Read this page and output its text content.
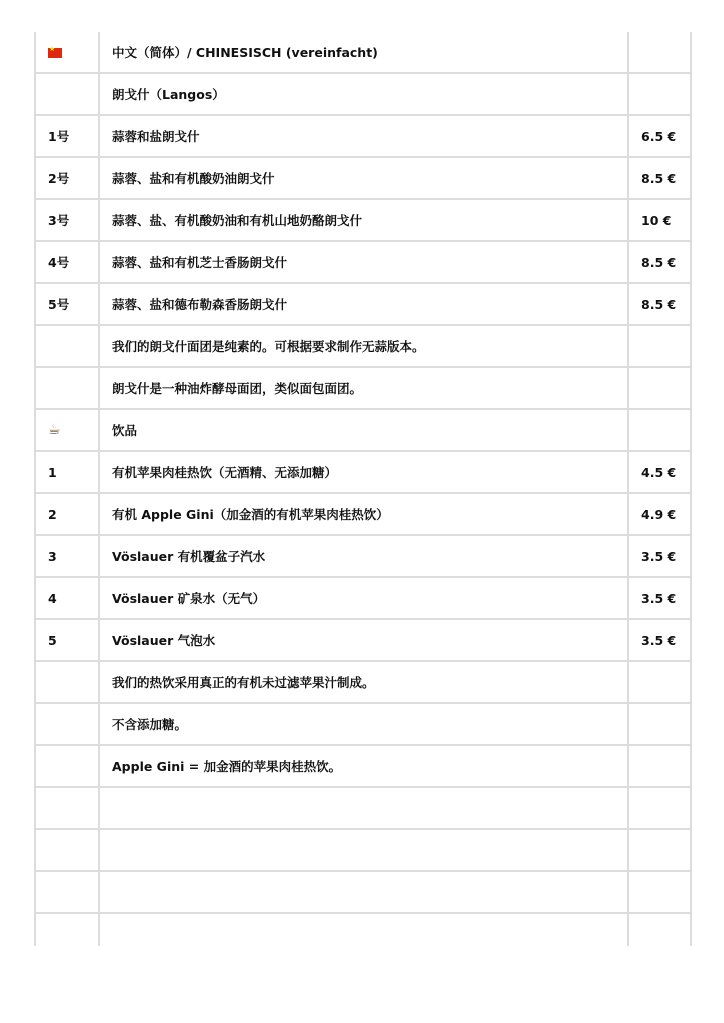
★	中文（简体）/ CHINESISCH (vereinfacht)	
	朗戈什（Langos）	
1号	蒜蓉和盐朗戈什	6.5 €
2号	蒜蓉、盐和有机酸奶油朗戈什	8.5 €
3号	蒜蓉、盐、有机酸奶油和有机山地奶酪朗戈什	10 €
4号	蒜蓉、盐和有机芝士香肠朗戈什	8.5 €
5号	蒜蓉、盐和德布勒森香肠朗戈什	8.5 €
	我们的朗戈什面团是纯素的。可根据要求制作无蒜版本。	
	朗戈什是一种油炸酵母面团，类似面包面团。	
☕	饮品	
1	有机苹果肉桂热饮（无酒精、无添加糖）	4.5 €
2	有机 Apple Gini（加金酒的有机苹果肉桂热饮）	4.9 €
3	Vöslauer 有机覆盆子汽水	3.5 €
4	Vöslauer 矿泉水（无气）	3.5 €
5	Vöslauer 气泡水	3.5 €
	我们的热饮采用真正的有机未过滤苹果汁制成。	
	不含添加糖。	
	Apple Gini = 加金酒的苹果肉桂热饮。	
